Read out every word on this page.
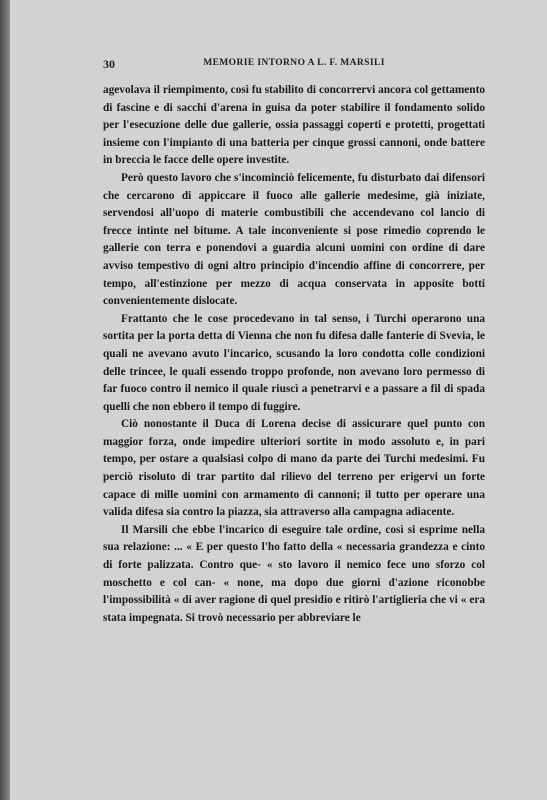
30	MEMORIE INTORNO A L. F. MARSILI

agevolava il riempimento, così fu stabilito di concorrervi ancora col gettamento di fascine e di sacchi d'arena in guisa da poter stabilire il fondamento solido per l'esecuzione delle due gallerie, ossia passaggi coperti e protetti, progettati insieme con l'impianto di una batteria per cinque grossi cannoni, onde battere in breccia le facce delle opere investite.

Però questo lavoro che s'incominciò felicemente, fu disturbato dai difensori che cercarono di appiccare il fuoco alle gallerie medesime, già iniziate, servendosi all'uopo di materie combustibili che accendevano col lancio di frecce intinte nel bitume. A tale inconveniente si pose rimedio coprendo le gallerie con terra e ponendovi a guardia alcuni uomini con ordine di dare avviso tempestivo di ogni altro principio d'incendio affine di concorrere, per tempo, all'estinzione per mezzo di acqua conservata in apposite botti convenientemente dislocate.

Frattanto che le cose procedevano in tal senso, i Turchi operarono una sortita per la porta detta di Vienna che non fu difesa dalle fanterie di Svevia, le quali ne avevano avuto l'incarico, scusando la loro condotta colle condizioni delle trincee, le quali essendo troppo profonde, non avevano loro permesso di far fuoco contro il nemico il quale riuscì a penetrarvi e a passare a fil di spada quelli che non ebbero il tempo di fuggire.

Ciò nonostante il Duca di Lorena decise di assicurare quel punto con maggior forza, onde impedire ulteriori sortite in modo assoluto e, in pari tempo, per ostare a qualsiasi colpo di mano da parte dei Turchi medesimi. Fu perciò risoluto di trar partito dal rilievo del terreno per erigervi un forte capace di mille uomini con armamento di cannoni; il tutto per operare una valida difesa sia contro la piazza, sia attraverso alla campagna adiacente.

Il Marsili che ebbe l'incarico di eseguire tale ordine, così si esprime nella sua relazione: ... « E per questo l'ho fatto della « necessaria grandezza e cinto di forte palizzata. Contro que- « sto lavoro il nemico fece uno sforzo col moschetto e col can- « none, ma dopo due giorni d'azione riconobbe l'impossibilità « di aver ragione di quel presidio e ritirò l'artiglieria che vi « era stata impegnata. Si trovò necessario per abbreviare le
